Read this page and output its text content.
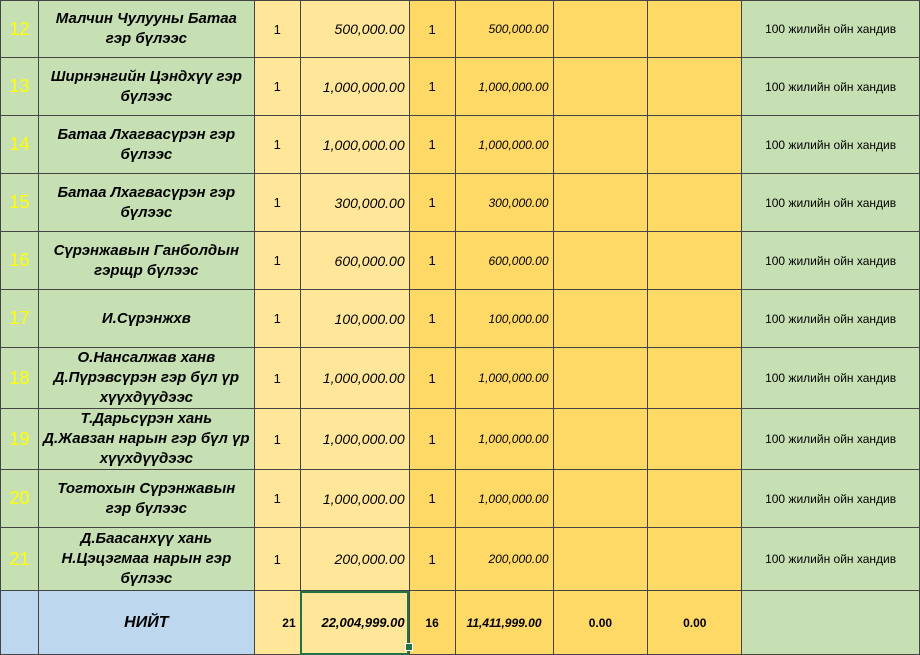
12	Малчин Чулууны Батаа гэр бүлээс	1	500,000.00	1	500,000.00			100 жилийн ойн хандив
13	Ширнэнгийн Цэндхүү гэр бүлээс	1	1,000,000.00	1	1,000,000.00			100 жилийн ойн хандив
14	Батаа Лхагвасүрэн гэр бүлээс	1	1,000,000.00	1	1,000,000.00			100 жилийн ойн хандив
15	Батаа Лхагвасүрэн гэр бүлээс	1	300,000.00	1	300,000.00			100 жилийн ойн хандив
16	Сүрэнжавын Ганболдын гэрщр бүлээс	1	600,000.00	1	600,000.00			100 жилийн ойн хандив
17	И.Сүрэнжхв	1	100,000.00	1	100,000.00			100 жилийн ойн хандив
18	О.Нансалжав ханв Д.Пүрэвсүрэн гэр бүл үр хүүхдүүдээс	1	1,000,000.00	1	1,000,000.00			100 жилийн ойн хандив
19	Т.Дарьсүрэн хань Д.Жавзан нарын гэр бүл үр хүүхдүүдээс	1	1,000,000.00	1	1,000,000.00			100 жилийн ойн хандив
20	Тогтохын Сүрэнжавын гэр бүлээс	1	1,000,000.00	1	1,000,000.00			100 жилийн ойн хандив
21	Д.Баасанхүү хань Н.Цэцэгмаа нарын гэр бүлээс	1	200,000.00	1	200,000.00			100 жилийн ойн хандив
	НИЙТ	21	22,004,999.00	16	11,411,999.00	0.00	0.00	
